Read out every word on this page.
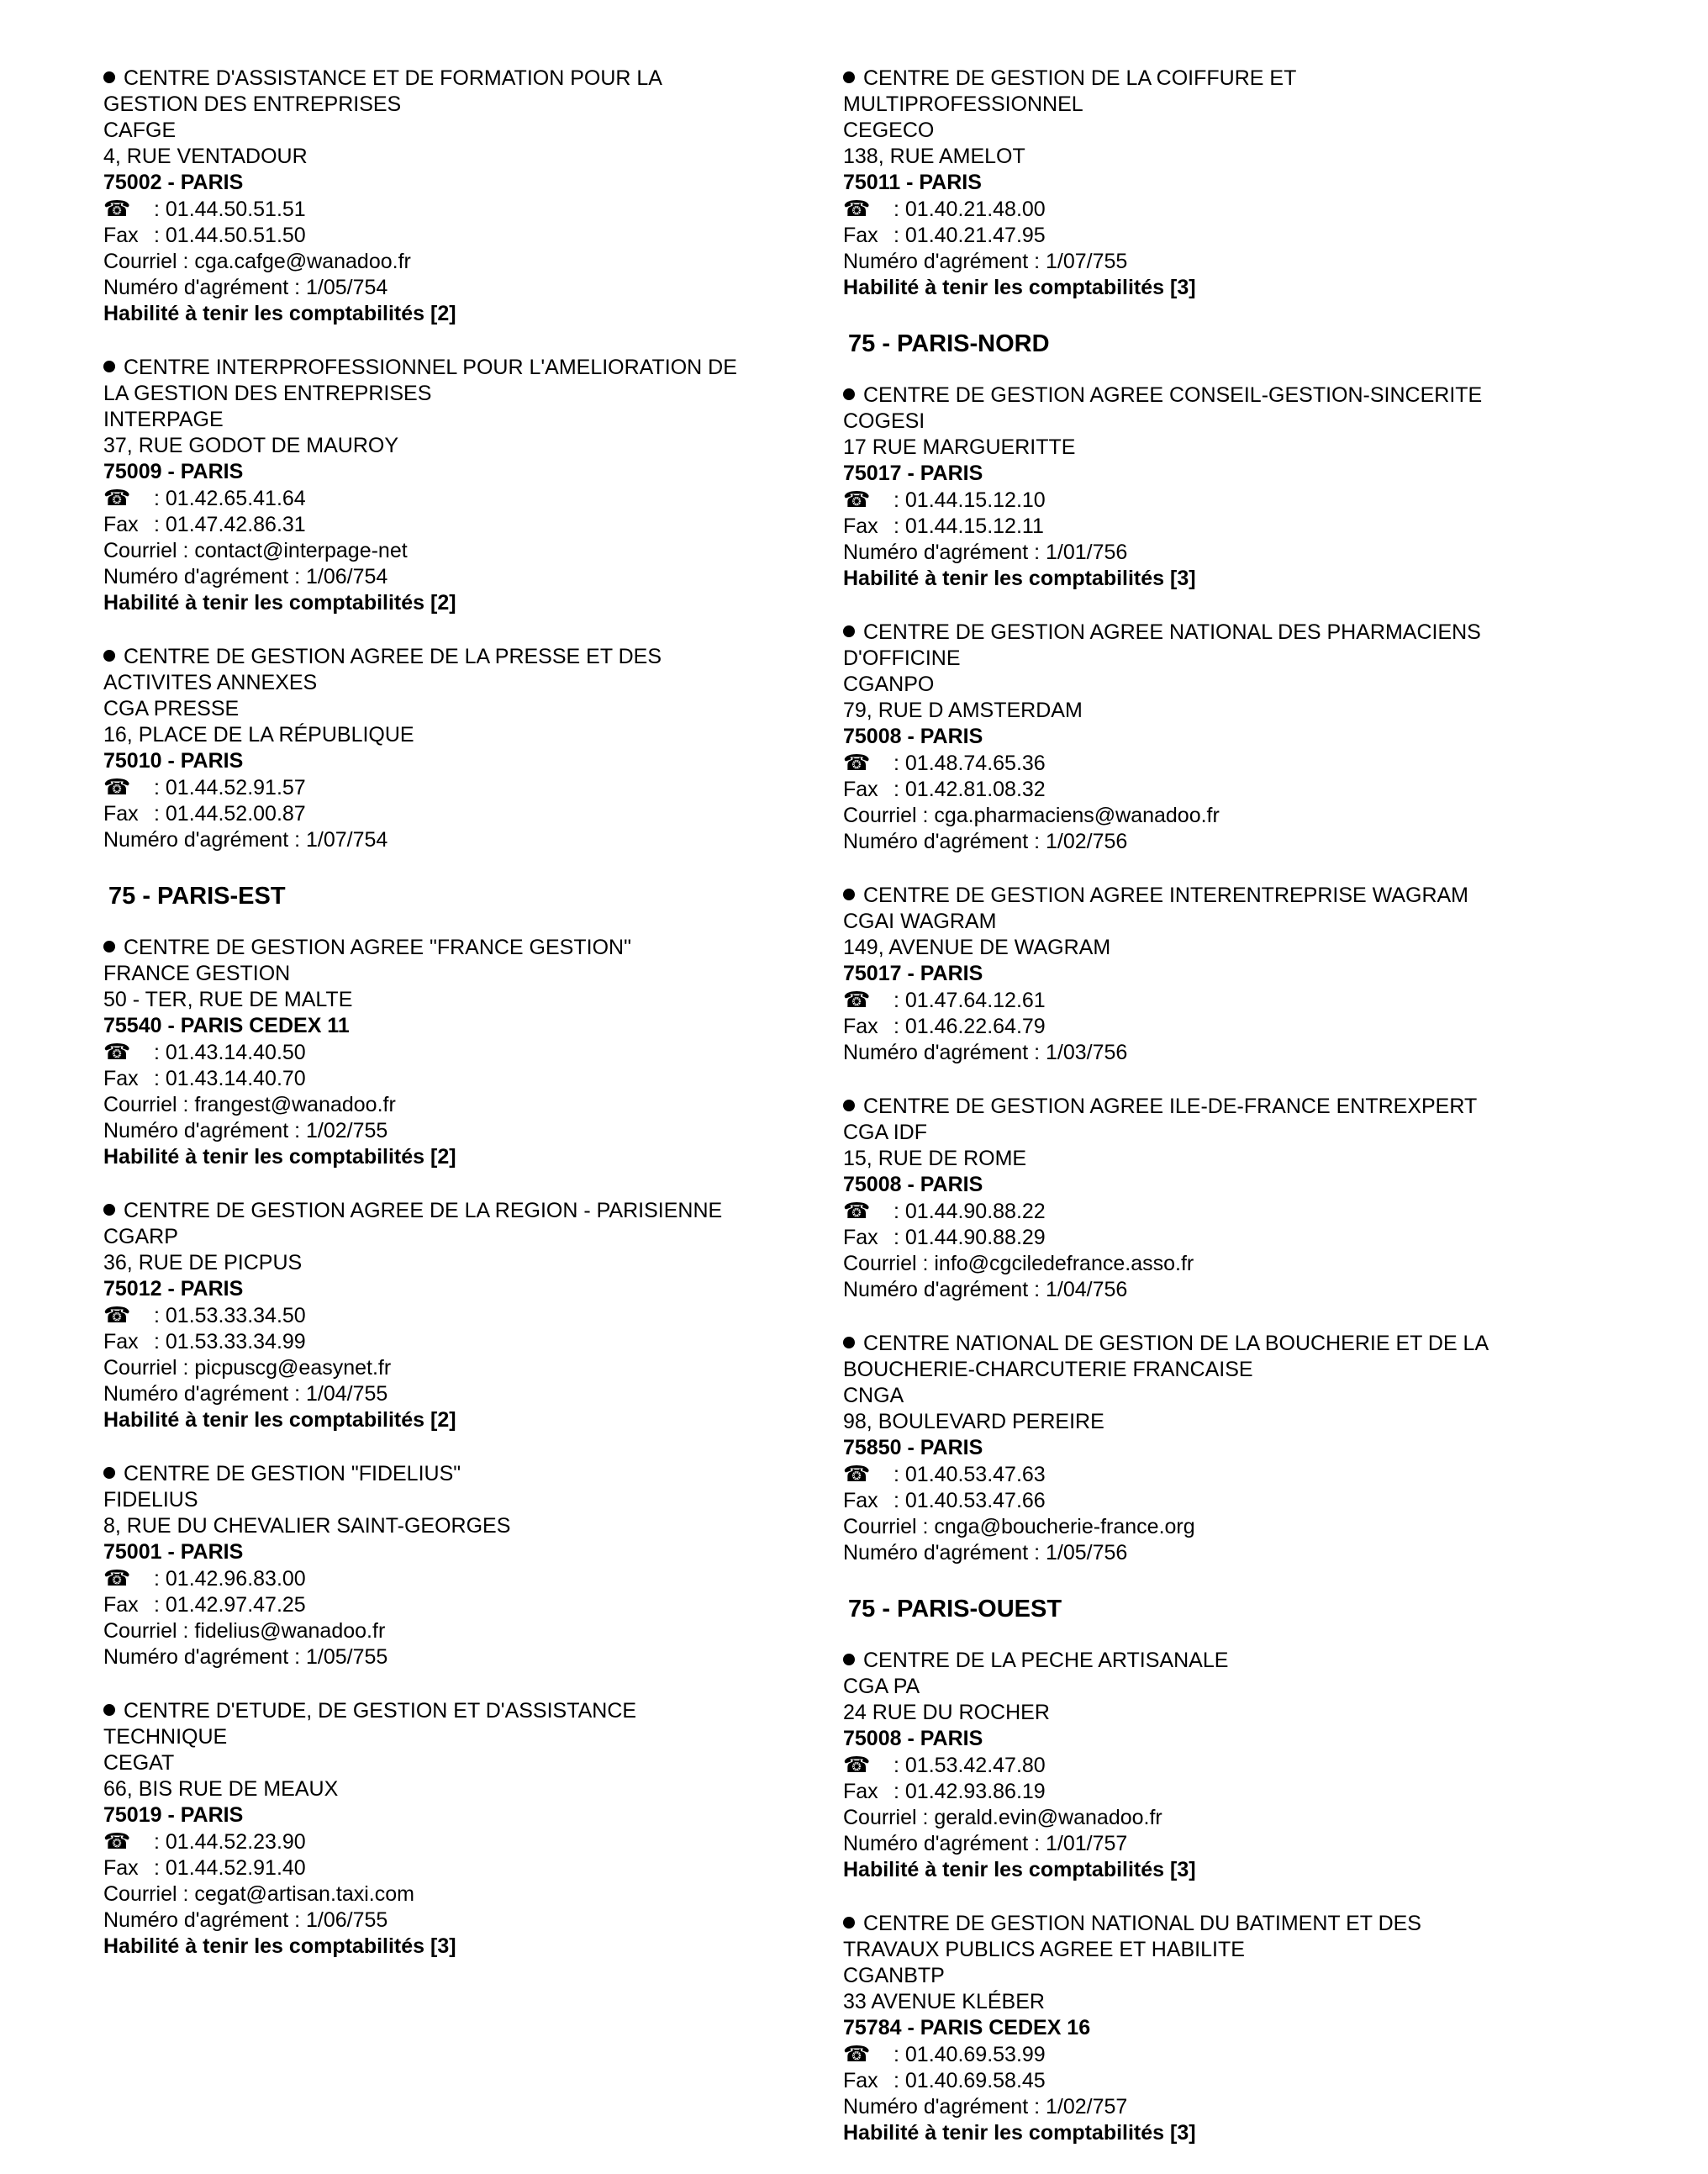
CENTRE D'ASSISTANCE ET DE FORMATION POUR LA
GESTION DES ENTREPRISES
CAFGE
4, RUE VENTADOUR
75002 - PARIS
☎ : 01.44.50.51.51
Fax : 01.44.50.51.50
Courriel : cga.cafge@wanadoo.fr
Numéro d'agrément : 1/05/754
Habilité à tenir les comptabilités [2]
CENTRE INTERPROFESSIONNEL POUR L'AMELIORATION DE
LA GESTION DES ENTREPRISES
INTERPAGE
37, RUE GODOT DE MAUROY
75009 - PARIS
☎ : 01.42.65.41.64
Fax : 01.47.42.86.31
Courriel : contact@interpage-net
Numéro d'agrément : 1/06/754
Habilité à tenir les comptabilités [2]
CENTRE DE GESTION AGREE DE LA PRESSE ET DES
ACTIVITES ANNEXES
CGA PRESSE
16, PLACE DE LA RÉPUBLIQUE
75010 - PARIS
☎ : 01.44.52.91.57
Fax : 01.44.52.00.87
Numéro d'agrément : 1/07/754
75 - PARIS-EST
CENTRE DE GESTION AGREE "FRANCE GESTION"
FRANCE GESTION
50 - TER, RUE DE MALTE
75540 - PARIS CEDEX 11
☎ : 01.43.14.40.50
Fax : 01.43.14.40.70
Courriel : frangest@wanadoo.fr
Numéro d'agrément : 1/02/755
Habilité à tenir les comptabilités [2]
CENTRE DE GESTION AGREE DE LA REGION - PARISIENNE
CGARP
36, RUE DE PICPUS
75012 - PARIS
☎ : 01.53.33.34.50
Fax : 01.53.33.34.99
Courriel : picpuscg@easynet.fr
Numéro d'agrément : 1/04/755
Habilité à tenir les comptabilités [2]
CENTRE DE GESTION "FIDELIUS"
FIDELIUS
8, RUE DU CHEVALIER SAINT-GEORGES
75001 - PARIS
☎ : 01.42.96.83.00
Fax : 01.42.97.47.25
Courriel : fidelius@wanadoo.fr
Numéro d'agrément : 1/05/755
CENTRE D'ETUDE, DE GESTION ET D'ASSISTANCE
TECHNIQUE
CEGAT
66, BIS RUE DE MEAUX
75019 - PARIS
☎ : 01.44.52.23.90
Fax : 01.44.52.91.40
Courriel : cegat@artisan.taxi.com
Numéro d'agrément : 1/06/755
Habilité à tenir les comptabilités [3]
CENTRE DE GESTION DE LA COIFFURE ET
MULTIPROFESSIONNEL
CEGECO
138, RUE AMELOT
75011 - PARIS
☎ : 01.40.21.48.00
Fax : 01.40.21.47.95
Numéro d'agrément : 1/07/755
Habilité à tenir les comptabilités [3]
75 - PARIS-NORD
CENTRE DE GESTION AGREE CONSEIL-GESTION-SINCERITE
COGESI
17 RUE MARGUERITTE
75017 - PARIS
☎ : 01.44.15.12.10
Fax : 01.44.15.12.11
Numéro d'agrément : 1/01/756
Habilité à tenir les comptabilités [3]
CENTRE DE GESTION AGREE NATIONAL DES PHARMACIENS
D'OFFICINE
CGANPO
79, RUE D AMSTERDAM
75008 - PARIS
☎ : 01.48.74.65.36
Fax : 01.42.81.08.32
Courriel : cga.pharmaciens@wanadoo.fr
Numéro d'agrément : 1/02/756
CENTRE DE GESTION AGREE INTERENTREPRISE WAGRAM
CGAI WAGRAM
149, AVENUE DE WAGRAM
75017 - PARIS
☎ : 01.47.64.12.61
Fax : 01.46.22.64.79
Numéro d'agrément : 1/03/756
CENTRE DE GESTION AGREE ILE-DE-FRANCE ENTREXPERT
CGA IDF
15, RUE DE ROME
75008 - PARIS
☎ : 01.44.90.88.22
Fax : 01.44.90.88.29
Courriel : info@cgciledefrance.asso.fr
Numéro d'agrément : 1/04/756
CENTRE NATIONAL DE GESTION DE LA BOUCHERIE ET DE LA
BOUCHERIE-CHARCUTERIE FRANCAISE
CNGA
98, BOULEVARD PEREIRE
75850 - PARIS
☎ : 01.40.53.47.63
Fax : 01.40.53.47.66
Courriel : cnga@boucherie-france.org
Numéro d'agrément : 1/05/756
75 - PARIS-OUEST
CENTRE DE LA PECHE ARTISANALE
CGA PA
24 RUE DU ROCHER
75008 - PARIS
☎ : 01.53.42.47.80
Fax : 01.42.93.86.19
Courriel : gerald.evin@wanadoo.fr
Numéro d'agrément : 1/01/757
Habilité à tenir les comptabilités [3]
CENTRE DE GESTION NATIONAL DU BATIMENT ET DES
TRAVAUX PUBLICS AGREE ET HABILITE
CGANBTP
33 AVENUE KLÉBER
75784 - PARIS CEDEX 16
☎ : 01.40.69.53.99
Fax : 01.40.69.58.45
Numéro d'agrément : 1/02/757
Habilité à tenir les comptabilités [3]
